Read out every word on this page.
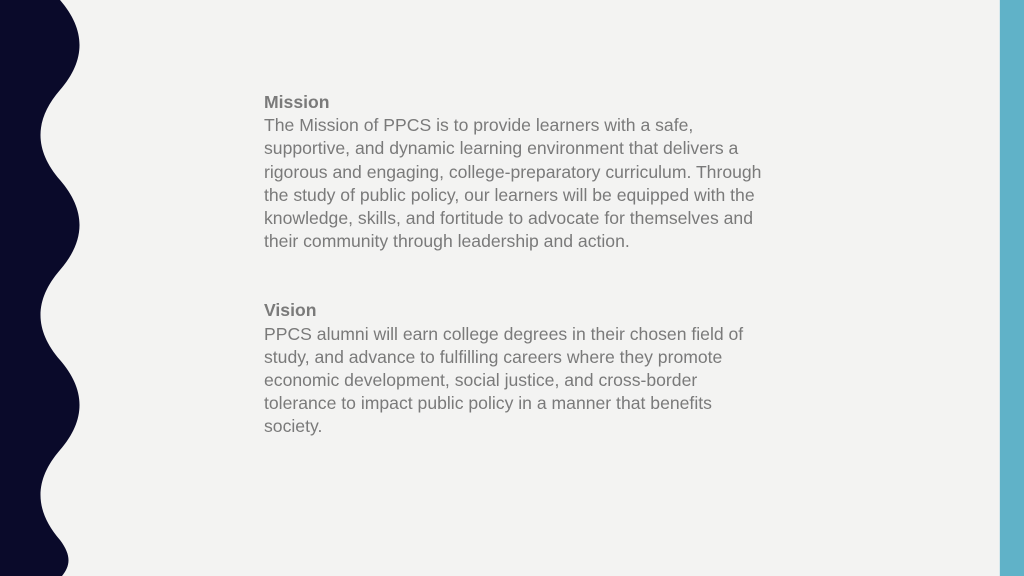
Mission

The Mission of PPCS is to provide learners with a safe, supportive, and dynamic learning environment that delivers a rigorous and engaging, college-preparatory curriculum. Through the study of public policy, our learners will be equipped with the knowledge, skills, and fortitude to advocate for themselves and their community through leadership and action.

Vision

PPCS alumni will earn college degrees in their chosen field of study, and advance to fulfilling careers where they promote economic development, social justice, and cross-border tolerance to impact public policy in a manner that benefits society.
